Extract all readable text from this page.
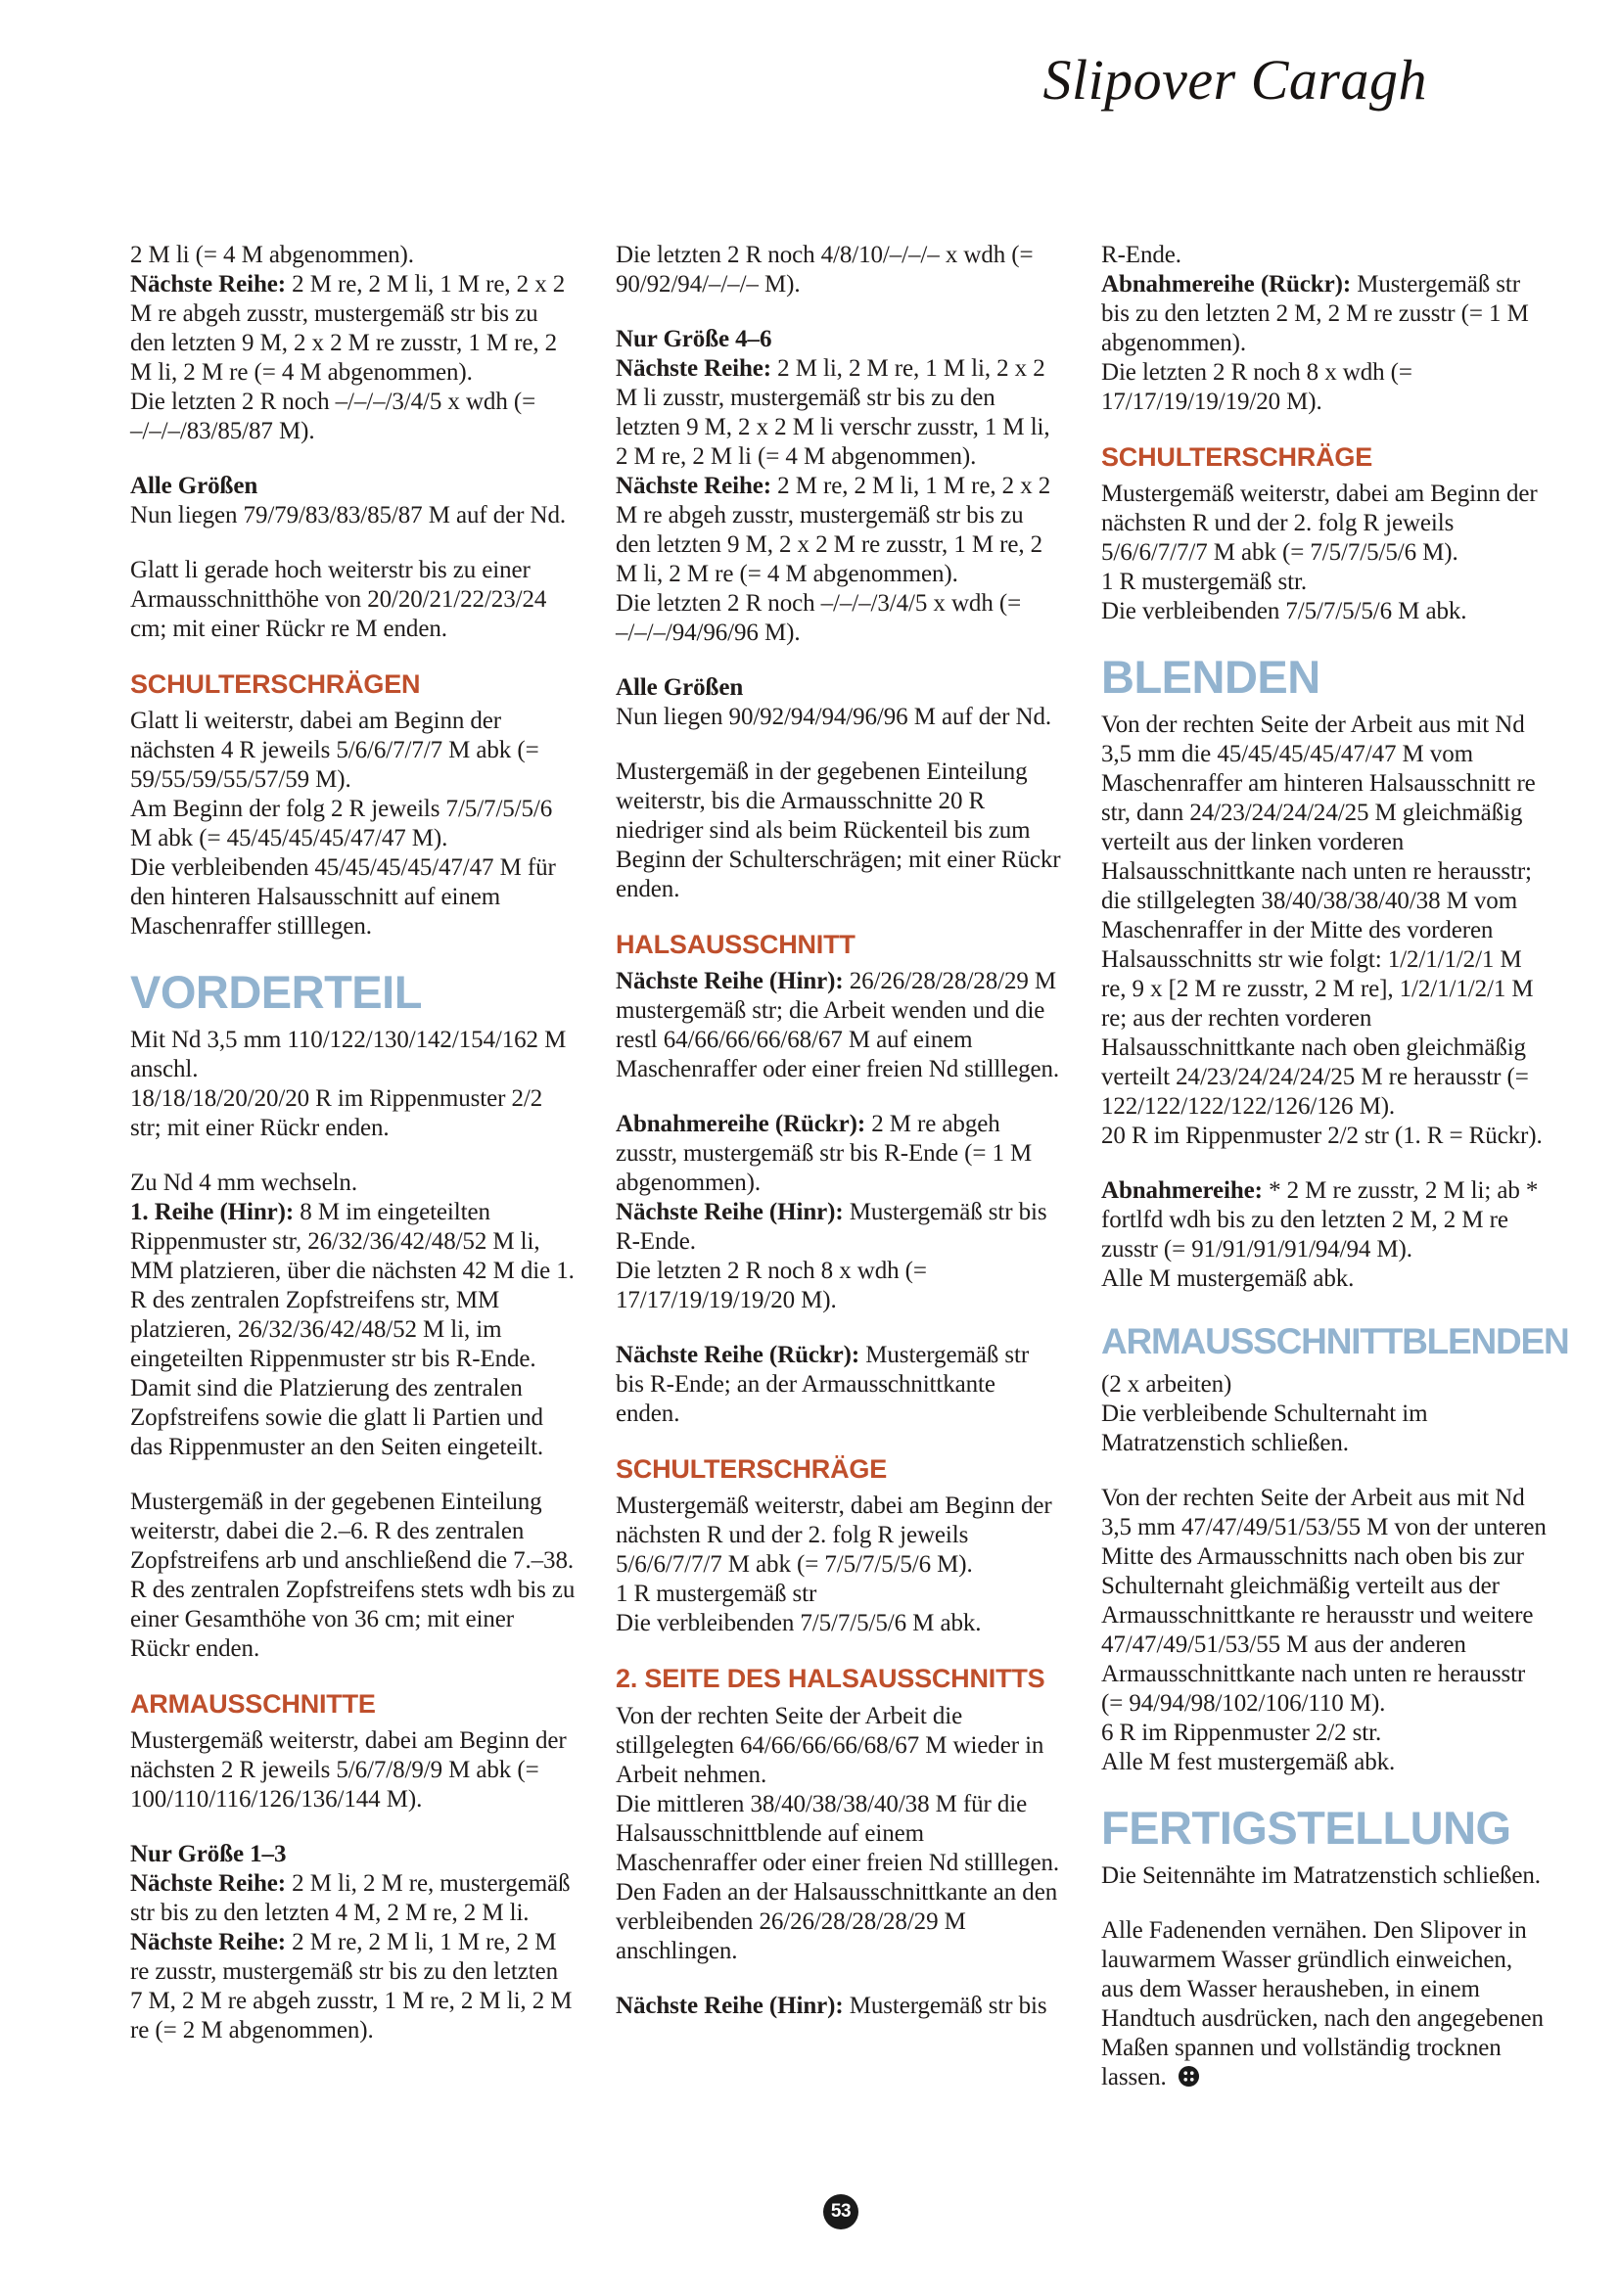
Slipover Caragh

2 M li (= 4 M abgenommen).

Nächste Reihe: 2 M re, 2 M li, 1 M re, 2 x 2 M re abgeh zusstr, mustergemäß str bis zu den letzten 9 M, 2 x 2 M re zusstr, 1 M re, 2 M li, 2 M re (= 4 M abgenommen).

Die letzten 2 R noch –/–/–/3/4/5 x wdh (= –/–/–/83/85/87 M).

Alle Größen

Nun liegen 79/79/83/83/85/87 M auf der Nd.

Glatt li gerade hoch weiterstr bis zu einer Armausschnitthöhe von 20/20/21/22/23/24 cm; mit einer Rückr re M enden.

SCHULTERSCHRÄGEN

Glatt li weiterstr, dabei am Beginn der nächsten 4 R jeweils 5/6/6/7/7/7 M abk (= 59/55/59/55/57/59 M).

Am Beginn der folg 2 R jeweils 7/5/7/5/5/6 M abk (= 45/45/45/45/47/47 M).

Die verbleibenden 45/45/45/45/47/47 M für den hinteren Halsausschnitt auf einem Maschenraffer stilllegen.

VORDERTEIL

Mit Nd 3,5 mm 110/122/130/142/154/162 M anschl.

18/18/18/20/20/20 R im Rippenmuster 2/2 str; mit einer Rückr enden.

Zu Nd 4 mm wechseln.

1. Reihe (Hinr): 8 M im eingeteilten Rippenmuster str, 26/32/36/42/48/52 M li, MM platzieren, über die nächsten 42 M die 1. R des zentralen Zopfstreifens str, MM platzieren, 26/32/36/42/48/52 M li, im eingeteilten Rippenmuster str bis R-Ende.

Damit sind die Platzierung des zentralen Zopfstreifens sowie die glatt li Partien und das Rippenmuster an den Seiten eingeteilt.

Mustergemäß in der gegebenen Einteilung weiterstr, dabei die 2.–6. R des zentralen Zopfstreifens arb und anschließend die 7.–38. R des zentralen Zopfstreifens stets wdh bis zu einer Gesamthöhe von 36 cm; mit einer Rückr enden.

ARMAUSSCHNITTE

Mustergemäß weiterstr, dabei am Beginn der nächsten 2 R jeweils 5/6/7/8/9/9 M abk (= 100/110/116/126/136/144 M).

Nur Größe 1–3

Nächste Reihe: 2 M li, 2 M re, mustergemäß str bis zu den letzten 4 M, 2 M re, 2 M li.

Nächste Reihe: 2 M re, 2 M li, 1 M re, 2 M re zusstr, mustergemäß str bis zu den letzten 7 M, 2 M re abgeh zusstr, 1 M re, 2 M li, 2 M re (= 2 M abgenommen).

Die letzten 2 R noch 4/8/10/–/–/– x wdh (= 90/92/94/–/–/– M).

Nur Größe 4–6

Nächste Reihe: 2 M li, 2 M re, 1 M li, 2 x 2 M li zusstr, mustergemäß str bis zu den letzten 9 M, 2 x 2 M li verschr zusstr, 1 M li, 2 M re, 2 M li (= 4 M abgenommen).

Nächste Reihe: 2 M re, 2 M li, 1 M re, 2 x 2 M re abgeh zusstr, mustergemäß str bis zu den letzten 9 M, 2 x 2 M re zusstr, 1 M re, 2 M li, 2 M re (= 4 M abgenommen).

Die letzten 2 R noch –/–/–/3/4/5 x wdh (= –/–/–/94/96/96 M).

Alle Größen

Nun liegen 90/92/94/94/96/96 M auf der Nd.

Mustergemäß in der gegebenen Einteilung weiterstr, bis die Armausschnitte 20 R niedriger sind als beim Rückenteil bis zum Beginn der Schulterschrägen; mit einer Rückr enden.

HALSAUSSCHNITT

Nächste Reihe (Hinr): 26/26/28/28/28/29 M mustergemäß str; die Arbeit wenden und die restl 64/66/66/66/68/67 M auf einem Maschenraffer oder einer freien Nd stilllegen.

Abnahmereihe (Rückr): 2 M re abgeh zusstr, mustergemäß str bis R-Ende (= 1 M abgenommen).

Nächste Reihe (Hinr): Mustergemäß str bis R-Ende.

Die letzten 2 R noch 8 x wdh (= 17/17/19/19/19/20 M).

Nächste Reihe (Rückr): Mustergemäß str bis R-Ende; an der Armausschnittkante enden.

SCHULTERSCHRÄGE

Mustergemäß weiterstr, dabei am Beginn der nächsten R und der 2. folg R jeweils 5/6/6/7/7/7 M abk (= 7/5/7/5/5/6 M).

1 R mustergemäß str

Die verbleibenden 7/5/7/5/5/6 M abk.

2. SEITE DES HALSAUSSCHNITTS

Von der rechten Seite der Arbeit die stillgelegten 64/66/66/66/68/67 M wieder in Arbeit nehmen.

Die mittleren 38/40/38/38/40/38 M für die Halsausschnittblende auf einem Maschenraffer oder einer freien Nd stilllegen.

Den Faden an der Halsausschnittkante an den verbleibenden 26/26/28/28/28/29 M anschlingen.

Nächste Reihe (Hinr): Mustergemäß str bis

R-Ende.

Abnahmereihe (Rückr): Mustergemäß str bis zu den letzten 2 M, 2 M re zusstr (= 1 M abgenommen).

Die letzten 2 R noch 8 x wdh (= 17/17/19/19/19/20 M).

SCHULTERSCHRÄGE

Mustergemäß weiterstr, dabei am Beginn der nächsten R und der 2. folg R jeweils 5/6/6/7/7/7 M abk (= 7/5/7/5/5/6 M).

1 R mustergemäß str.

Die verbleibenden 7/5/7/5/5/6 M abk.

BLENDEN

Von der rechten Seite der Arbeit aus mit Nd 3,5 mm die 45/45/45/45/47/47 M vom Maschenraffer am hinteren Halsausschnitt re str, dann 24/23/24/24/24/25 M gleichmäßig verteilt aus der linken vorderen Halsausschnittkante nach unten re herausstr; die stillgelegten 38/40/38/38/40/38 M vom Maschenraffer in der Mitte des vorderen Halsausschnitts str wie folgt: 1/2/1/1/2/1 M re, 9 x [2 M re zusstr, 2 M re], 1/2/1/1/2/1 M re; aus der rechten vorderen Halsausschnittkante nach oben gleichmäßig verteilt 24/23/24/24/24/25 M re herausstr (= 122/122/122/122/126/126 M).

20 R im Rippenmuster 2/2 str (1. R = Rückr).

Abnahmereihe: * 2 M re zusstr, 2 M li; ab * fortlfd wdh bis zu den letzten 2 M, 2 M re zusstr (= 91/91/91/91/94/94 M).

Alle M mustergemäß abk.

ARMAUSSCHNITTBLENDEN

(2 x arbeiten)

Die verbleibende Schulternaht im Matratzenstich schließen.

Von der rechten Seite der Arbeit aus mit Nd 3,5 mm 47/47/49/51/53/55 M von der unteren Mitte des Armausschnitts nach oben bis zur Schulternaht gleichmäßig verteilt aus der Armausschnittkante re herausstr und weitere 47/47/49/51/53/55 M aus der anderen Armausschnittkante nach unten re herausstr (= 94/94/98/102/106/110 M).

6 R im Rippenmuster 2/2 str.

Alle M fest mustergemäß abk.

FERTIGSTELLUNG

Die Seitennähte im Matratzenstich schließen.

Alle Fadenenden vernähen. Den Slipover in lauwarmem Wasser gründlich einweichen, aus dem Wasser herausheben, in einem Handtuch ausdrücken, nach den angegebenen Maßen spannen und vollständig trocknen lassen.

53
